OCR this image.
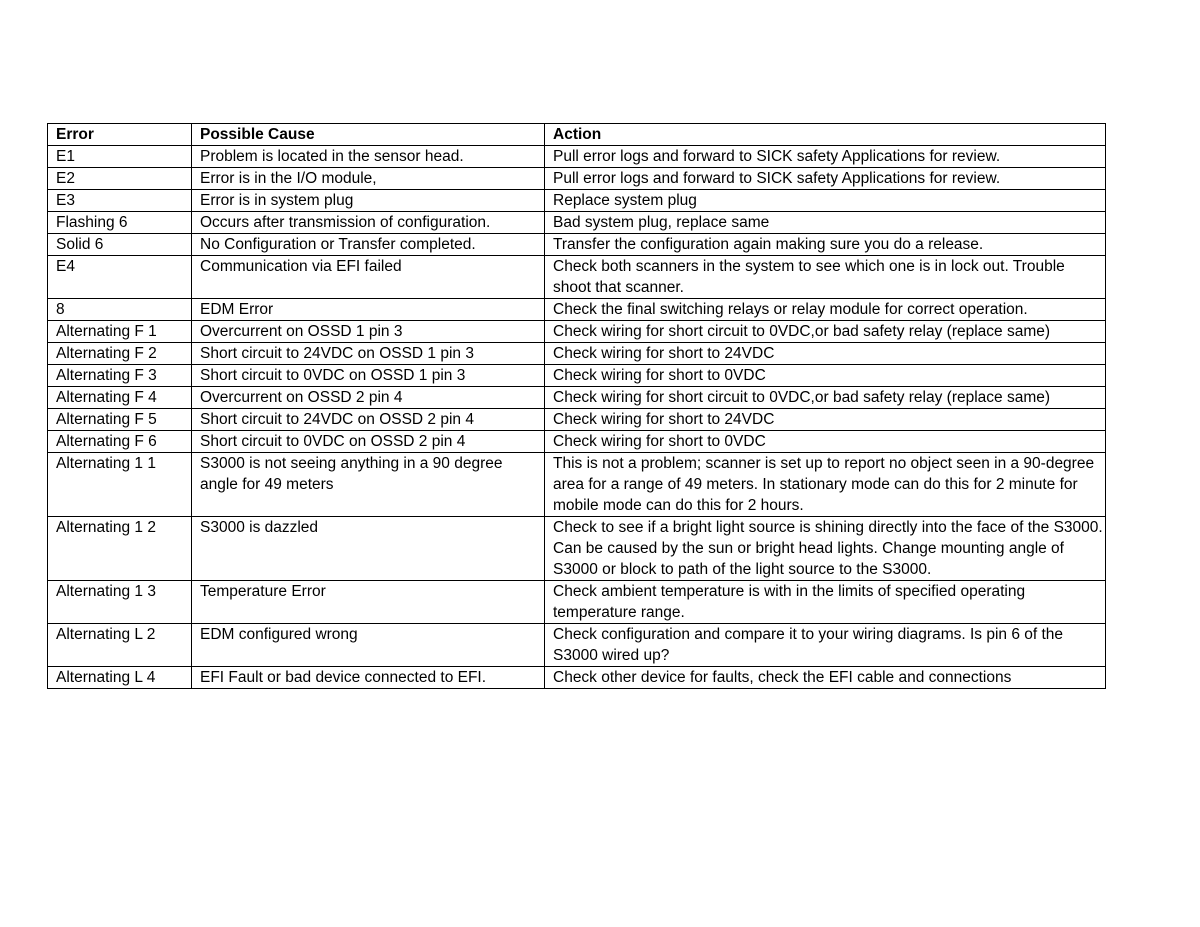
Error	Possible Cause	Action
E1	Problem is located in the sensor head.	Pull error logs and forward to SICK safety Applications for review.
E2	Error is in the I/O module,	Pull error logs and forward to SICK safety Applications for review.
E3	Error is in system plug	Replace system plug
Flashing 6	Occurs after transmission of configuration.	Bad system plug, replace same
Solid 6	No Configuration or Transfer completed.	Transfer the configuration again making sure you do a release.
E4	Communication via EFI failed	Check both scanners in the system to see which one is in lock out. Trouble shoot that scanner.
8	EDM Error	Check the final switching relays or relay module for correct operation.
Alternating F 1	Overcurrent on OSSD 1 pin 3	Check wiring for short circuit to 0VDC,or bad safety relay (replace same)
Alternating F 2	Short circuit to 24VDC on OSSD 1 pin 3	Check wiring for short to 24VDC
Alternating F 3	Short circuit to 0VDC on OSSD 1 pin 3	Check wiring for short to 0VDC
Alternating F 4	Overcurrent on OSSD 2 pin 4	Check wiring for short circuit to 0VDC,or bad safety relay (replace same)
Alternating F 5	Short circuit to 24VDC on OSSD 2 pin 4	Check wiring for short to 24VDC
Alternating F 6	Short circuit to 0VDC on OSSD 2 pin 4	Check wiring for short to 0VDC
Alternating 1 1	S3000 is not seeing anything in a 90 degree angle for 49 meters	This is not a problem; scanner is set up to report no object seen in a 90-degree area for a range of 49 meters. In stationary mode can do this for 2 minute for mobile mode can do this for 2 hours.
Alternating 1 2	S3000 is dazzled	Check to see if a bright light source is shining directly into the face of the S3000. Can be caused by the sun or bright head lights. Change mounting angle of S3000 or block to path of the light source to the S3000.
Alternating 1 3	Temperature Error	Check ambient temperature is with in the limits of specified operating temperature range.
Alternating L 2	EDM configured wrong	Check configuration and compare it to your wiring diagrams. Is pin 6 of the S3000 wired up?
Alternating L 4	EFI Fault or bad device connected to EFI.	Check other device for faults, check the EFI cable and connections
